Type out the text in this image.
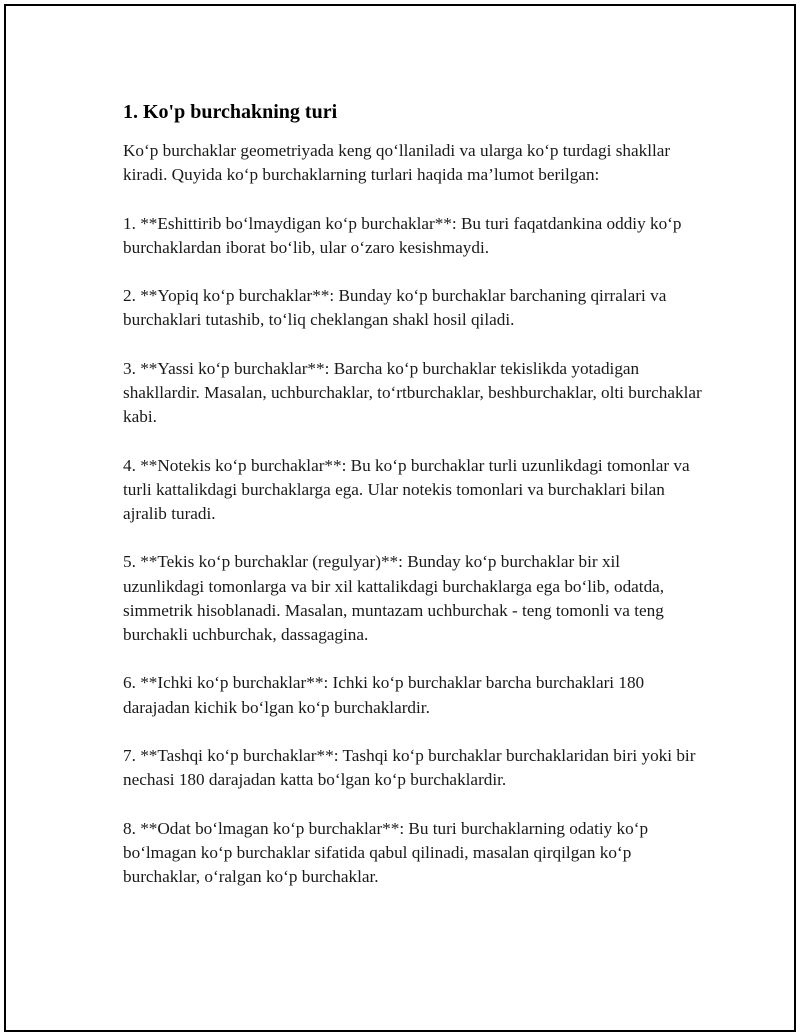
1. Ko'p burchakning turi

Ko‘p burchaklar geometriyada keng qo‘llaniladi va ularga ko‘p turdagi shakllar kiradi. Quyida ko‘p burchaklarning turlari haqida ma’lumot berilgan:

1. **Eshittirib bo‘lmaydigan ko‘p burchaklar**: Bu turi faqatdankina oddiy ko‘p burchaklardan iborat bo‘lib, ular o‘zaro kesishmaydi.

2. **Yopiq ko‘p burchaklar**: Bunday ko‘p burchaklar barchaning qirralari va burchaklari tutashib, to‘liq cheklangan shakl hosil qiladi.

3. **Yassi ko‘p burchaklar**: Barcha ko‘p burchaklar tekislikda yotadigan shakllardir. Masalan, uchburchaklar, to‘rtburchaklar, beshburchaklar, olti burchaklar kabi.

4. **Notekis ko‘p burchaklar**: Bu ko‘p burchaklar turli uzunlikdagi tomonlar va turli kattalikdagi burchaklarga ega. Ular notekis tomonlari va burchaklari bilan ajralib turadi.

5. **Tekis ko‘p burchaklar (regulyar)**: Bunday ko‘p burchaklar bir xil uzunlikdagi tomonlarga va bir xil kattalikdagi burchaklarga ega bo‘lib, odatda, simmetrik hisoblanadi. Masalan, muntazam uchburchak - teng tomonli va teng burchakli uchburchak, dassagagina.

6. **Ichki ko‘p burchaklar**: Ichki ko‘p burchaklar barcha burchaklari 180 darajadan kichik bo‘lgan ko‘p burchaklardir.

7. **Tashqi ko‘p burchaklar**: Tashqi ko‘p burchaklar burchaklaridan biri yoki bir nechasi 180 darajadan katta bo‘lgan ko‘p burchaklardir.

8. **Odat bo‘lmagan ko‘p burchaklar**: Bu turi burchaklarning odatiy ko‘p bo‘lmagan ko‘p burchaklar sifatida qabul qilinadi, masalan qirqilgan ko‘p burchaklar, o‘ralgan ko‘p burchaklar.
